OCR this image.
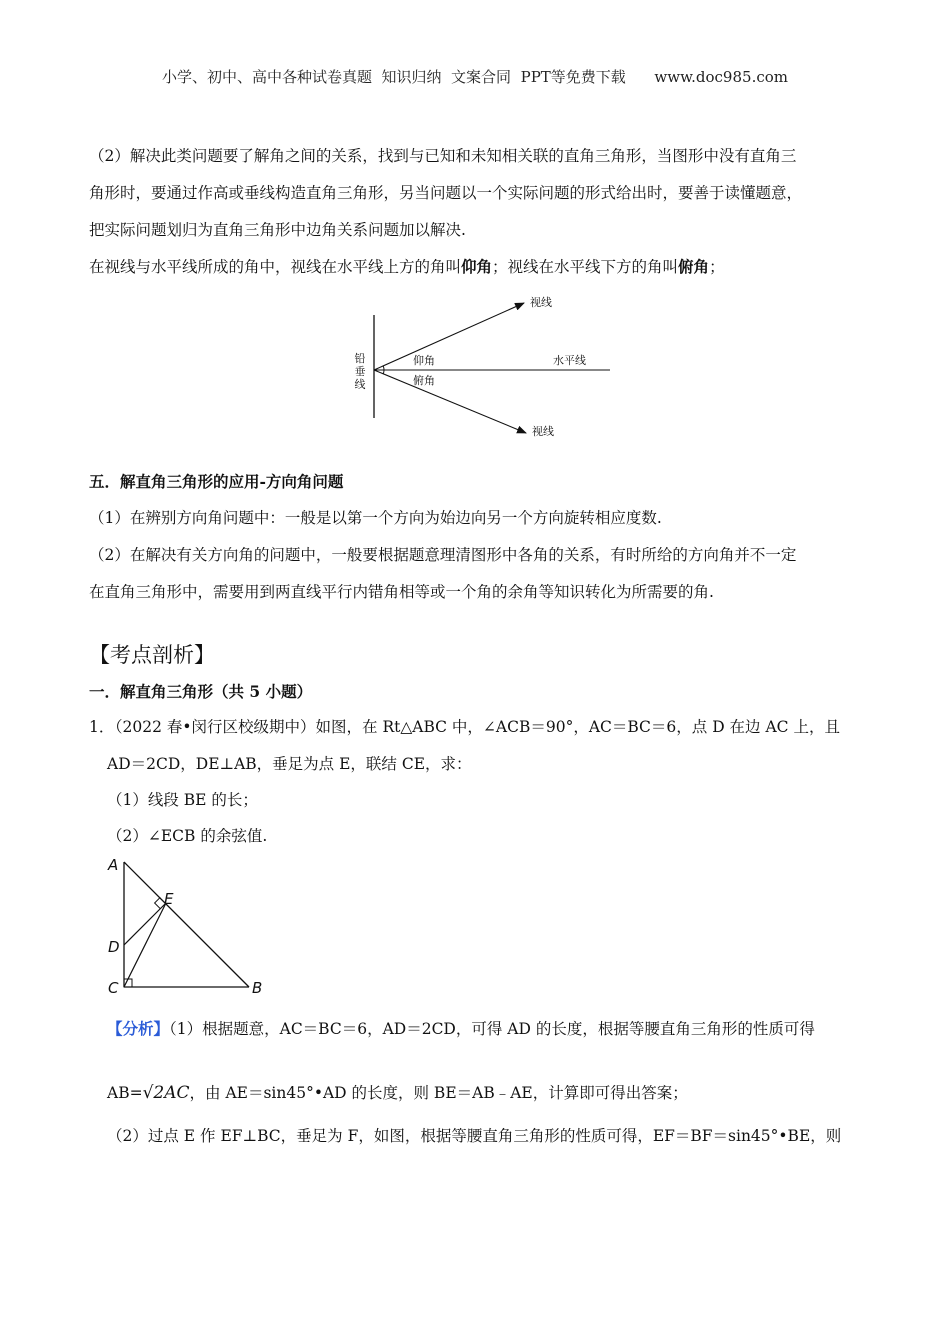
小学、初中、高中各种试卷真题  知识归纳  文案合同  PPT等免费下载      www.doc985.com
（2）解决此类问题要了解角之间的关系，找到与已知和未知相关联的直角三角形，当图形中没有直角三
角形时，要通过作高或垂线构造直角三角形，另当问题以一个实际问题的形式给出时，要善于读懂题意，
把实际问题划归为直角三角形中边角关系问题加以解决.
在视线与水平线所成的角中，视线在水平线上方的角叫仰角；视线在水平线下方的角叫俯角；
铅
垂
线
仰角
俯角
水平线
视线
视线
五．解直角三角形的应用-方向角问题
（1）在辨别方向角问题中：一般是以第一个方向为始边向另一个方向旋转相应度数.
（2）在解决有关方向角的问题中，一般要根据题意理清图形中各角的关系，有时所给的方向角并不一定
在直角三角形中，需要用到两直线平行内错角相等或一个角的余角等知识转化为所需要的角.
【考点剖析】
一．解直角三角形（共 5 小题）
1．
（2022 春•闵行区校级期中）如图，在 Rt△ABC 中，∠ACB＝90°，AC＝BC＝6，点 D 在边 AC 上，且
AD＝2CD，DE⊥AB，垂足为点 E，联结 CE，求：
（1）线段 BE 的长；
（2）∠ECB 的余弦值.
A
E
D
C	B
【分析】（1）根据题意，AC＝BC＝6，AD＝2CD，可得 AD 的长度，根据等腰直角三角形的性质可得
AB=√2AC，由 AE＝sin45°•AD 的长度，则 BE＝AB﹣AE，计算即可得出答案；
（2）过点 E 作 EF⊥BC，垂足为 F，如图，根据等腰直角三角形的性质可得，EF＝BF＝sin45°•BE，则
